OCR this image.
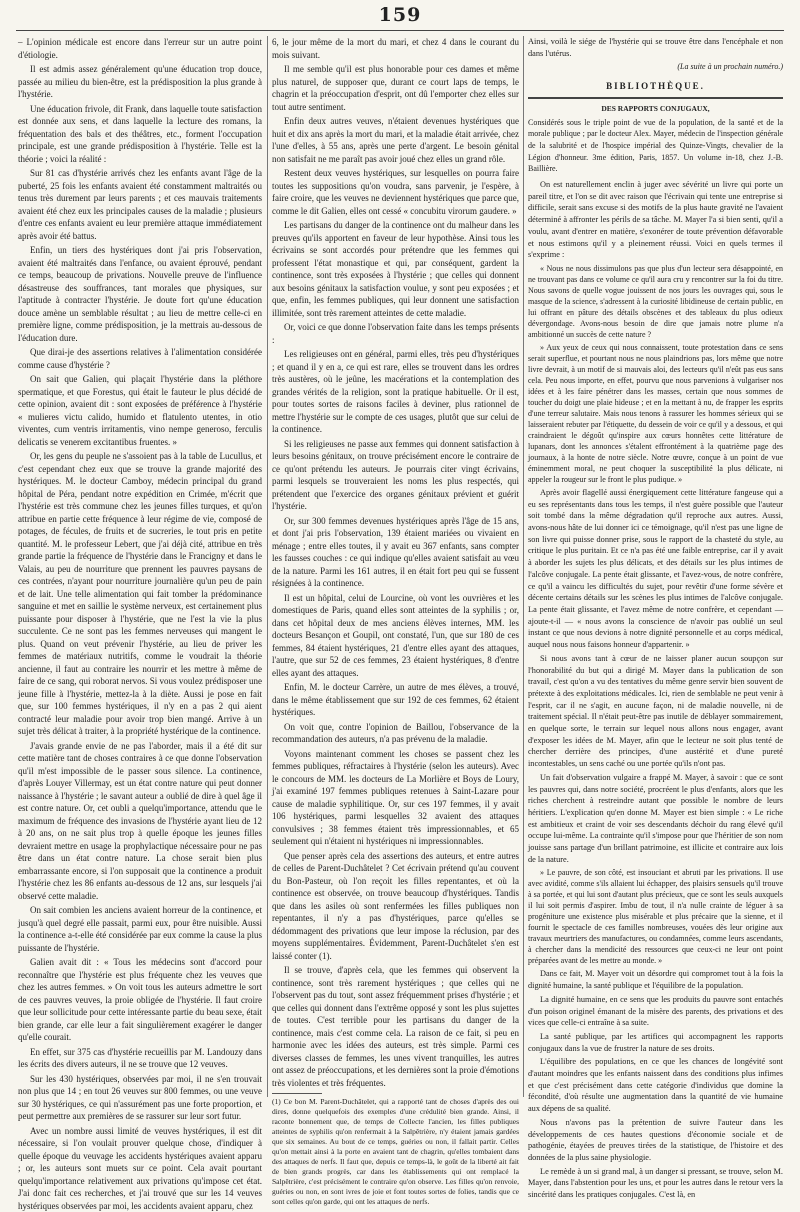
159

– L'opinion médicale est encore dans l'erreur sur un autre point d'étiologie.

Il est admis assez généralement qu'une éducation trop douce, passée au milieu du bien-être, est la prédisposition la plus grande à l'hystérie.

Une éducation frivole, dit Frank, dans laquelle toute satisfaction est donnée aux sens, et dans laquelle la lecture des romans, la fréquentation des bals et des théâtres, etc., forment l'occupation principale, est une grande prédisposition à l'hystérie. Telle est la théorie ; voici la réalité :

Sur 81 cas d'hystérie arrivés chez les enfants avant l'âge de la puberté, 25 fois les enfants avaient été constamment maltraités ou tenus très durement par leurs parents ; et ces mauvais traitements avaient été chez eux les principales causes de la maladie ; plusieurs d'entre ces enfants avaient eu leur première attaque immédiatement après avoir été battus.

Enfin, un tiers des hystériques dont j'ai pris l'observation, avaient été maltraités dans l'enfance, ou avaient éprouvé, pendant ce temps, beaucoup de privations. Nouvelle preuve de l'influence désastreuse des souffrances, tant morales que physiques, sur l'aptitude à contracter l'hystérie. Je doute fort qu'une éducation douce amène un semblable résultat ; au lieu de mettre celle-ci en première ligne, comme prédisposition, je la mettrais au-dessous de l'éducation dure.

Que dirai-je des assertions relatives à l'alimentation considérée comme cause d'hystérie ?

On sait que Galien, qui plaçait l'hystérie dans la pléthore spermatique, et que Forestus, qui était le fauteur le plus décidé de cette opinion, avaient dit : sont exposées de préférence à l'hystérie « mulieres victu calido, humido et flatulento utentes, in otio viventes, cum ventris irritamentis, vino nempe generoso, ferculis delicatis se venerem excitantibus fruentes. »

Or, les gens du peuple ne s'assoient pas à la table de Lucullus, et c'est cependant chez eux que se trouve la grande majorité des hystériques. M. le docteur Camboy, médecin principal du grand hôpital de Péra, pendant notre expédition en Crimée, m'écrit que l'hystérie est très commune chez les jeunes filles turques, et qu'on attribue en partie cette fréquence à leur régime de vie, composé de potages, de fécules, de fruits et de sucreries, le tout pris en petite quantité. M. le professeur Lebert, que j'ai déjà cité, attribue en très grande partie la fréquence de l'hystérie dans le Francigny et dans le Valais, au peu de nourriture que prennent les pauvres paysans de ces contrées, n'ayant pour nourriture journalière qu'un peu de pain et de lait. Une telle alimentation qui fait tomber la prédominance sanguine et met en saillie le système nerveux, est certainement plus puissante pour disposer à l'hystérie, que ne l'est la vie la plus succulente. Ce ne sont pas les femmes nerveuses qui mangent le plus. Quand on veut prévenir l'hystérie, au lieu de priver les femmes de matériaux nutritifs, comme le voudrait la théorie ancienne, il faut au contraire les nourrir et les mettre à même de faire de ce sang, qui roborat nervos. Si vous voulez prédisposer une jeune fille à l'hystérie, mettez-la à la diète. Aussi je pose en fait que, sur 100 femmes hystériques, il n'y en a pas 2 qui aient contracté leur maladie pour avoir trop bien mangé. Arrive à un sujet très délicat à traiter, à la propriété hystérique de la continence.

J'avais grande envie de ne pas l'aborder, mais il a été dit sur cette matière tant de choses contraires à ce que donne l'observation qu'il m'est impossible de le passer sous silence. La continence, d'après Louyer Villermay, est un état contre nature qui peut donner naissance à l'hystérie ; le savant auteur a oublié de dire à quel âge il est contre nature. Or, cet oubli a quelqu'importance, attendu que le maximum de fréquence des invasions de l'hystérie ayant lieu de 12 à 20 ans, on ne sait plus trop à quelle époque les jeunes filles devraient mettre en usage la prophylactique nécessaire pour ne pas être dans un état contre nature. La chose serait bien plus embarrassante encore, si l'on supposait que la continence a produit l'hystérie chez les 86 enfants au-dessous de 12 ans, sur lesquels j'ai observé cette maladie.

On sait combien les anciens avaient horreur de la continence, et jusqu'à quel degré elle passait, parmi eux, pour être nuisible. Aussi la continence a-t-elle été considérée par eux comme la cause la plus puissante de l'hystérie.

Galien avait dit : « Tous les médecins sont d'accord pour reconnaître que l'hystérie est plus fréquente chez les veuves que chez les autres femmes. » On voit tous les auteurs admettre le sort de ces pauvres veuves, la proie obligée de l'hystérie. Il faut croire que leur sollicitude pour cette intéressante partie du beau sexe, était bien grande, car elle leur a fait singulièrement exagérer le danger qu'elle courait.

En effet, sur 375 cas d'hystérie recueillis par M. Landouzy dans les écrits des divers auteurs, il ne se trouve que 12 veuves.

Sur les 430 hystériques, observées par moi, il ne s'en trouvait non plus que 14 ; en tout 26 veuves sur 800 femmes, ou une veuve sur 30 hystériques, ce qui n'assurément pas une forte proportion, et peut permettre aux premières de se rassurer sur leur sort futur.

Avec un nombre aussi limité de veuves hystériques, il est dit nécessaire, si l'on voulait prouver quelque chose, d'indiquer à quelle époque du veuvage les accidents hystériques avaient apparu ; or, les auteurs sont muets sur ce point. Cela avait pourtant quelqu'importance relativement aux privations qu'impose cet état. J'ai donc fait ces recherches, et j'ai trouvé que sur les 14 veuves hystériques observées par moi, les accidents avaient apparu, chez

6, le jour même de la mort du mari, et chez 4 dans le courant du mois suivant.

Il me semble qu'il est plus honorable pour ces dames et même plus naturel, de supposer que, durant ce court laps de temps, le chagrin et la préoccupation d'esprit, ont dû l'emporter chez elles sur tout autre sentiment.

Enfin deux autres veuves, n'étaient devenues hystériques que huit et dix ans après la mort du mari, et la maladie était arrivée, chez l'une d'elles, à 55 ans, après une perte d'argent. Le besoin génital non satisfait ne me paraît pas avoir joué chez elles un grand rôle.

Restent deux veuves hystériques, sur lesquelles on pourra faire toutes les suppositions qu'on voudra, sans parvenir, je l'espère, à faire croire, que les veuves ne deviennent hystériques que parce que, comme le dit Galien, elles ont cessé « concubitu virorum gaudere. »

Les partisans du danger de la continence ont du malheur dans les preuves qu'ils apportent en faveur de leur hypothèse. Ainsi tous les écrivains se sont accordés pour prétendre que les femmes qui professent l'état monastique et qui, par conséquent, gardent la continence, sont très exposées à l'hystérie ; que celles qui donnent aux besoins génitaux la satisfaction voulue, y sont peu exposées ; et que, enfin, les femmes publiques, qui leur donnent une satisfaction illimitée, sont très rarement atteintes de cette maladie.

Or, voici ce que donne l'observation faite dans les temps présents :

Les religieuses ont en général, parmi elles, très peu d'hystériques ; et quand il y en a, ce qui est rare, elles se trouvent dans les ordres très austères, où le jeûne, les macérations et la contemplation des grandes vérités de la religion, sont la pratique habituelle. Or il est, pour toutes sortes de raisons faciles à deviner, plus rationnel de mettre l'hystérie sur le compte de ces usages, plutôt que sur celui de la continence.

Si les religieuses ne passe aux femmes qui donnent satisfaction à leurs besoins génitaux, on trouve précisément encore le contraire de ce qu'ont prétendu les auteurs. Je pourrais citer vingt écrivains, parmi lesquels se trouveraient les noms les plus respectés, qui prétendent que l'exercice des organes génitaux prévient et guérit l'hystérie.

Or, sur 300 femmes devenues hystériques après l'âge de 15 ans, et dont j'ai pris l'observation, 139 étaient mariées ou vivaient en ménage ; entre elles toutes, il y avait eu 367 enfants, sans compter les fausses couches : ce qui indique qu'elles avaient satisfait au vœu de la nature. Parmi les 161 autres, il en était fort peu qui se fussent résignées à la continence.

Il est un hôpital, celui de Lourcine, où vont les ouvrières et les domestiques de Paris, quand elles sont atteintes de la syphilis ; or, dans cet hôpital deux de mes anciens élèves internes, MM. les docteurs Besançon et Goupil, ont constaté, l'un, que sur 180 de ces femmes, 84 étaient hystériques, 21 d'entre elles ayant des attaques, l'autre, que sur 52 de ces femmes, 23 étaient hystériques, 8 d'entre elles ayant des attaques.

Enfin, M. le docteur Carrère, un autre de mes élèves, a trouvé, dans le même établissement que sur 192 de ces femmes, 62 étaient hystériques.

On voit que, contre l'opinion de Baillou, l'observance de la recommandation des auteurs, n'a pas prévenu de la maladie.

Voyons maintenant comment les choses se passent chez les femmes publiques, réfractaires à l'hystérie (selon les auteurs). Avec le concours de MM. les docteurs de La Morlière et Boys de Loury, j'ai examiné 197 femmes publiques retenues à Saint-Lazare pour cause de maladie syphilitique. Or, sur ces 197 femmes, il y avait 106 hystériques, parmi lesquelles 32 avaient des attaques convulsives ; 38 femmes étaient très impressionnables, et 65 seulement qui n'étaient ni hystériques ni impressionnables.

Que penser après cela des assertions des auteurs, et entre autres de celles de Parent-Duchâtelet ? Cet écrivain prétend qu'au couvent du Bon-Pasteur, où l'on reçoit les filles repentantes, et où la continence est observée, on trouve beaucoup d'hystériques. Tandis que dans les asiles où sont renfermées les filles publiques non repentantes, il n'y a pas d'hystériques, parce qu'elles se dédommagent des privations que leur impose la réclusion, par des moyens supplémentaires. Évidemment, Parent-Duchâtelet s'en est laissé conter (1).

Il se trouve, d'après cela, que les femmes qui observent la continence, sont très rarement hystériques ; que celles qui ne l'observent pas du tout, sont assez fréquemment prises d'hystérie ; et que celles qui donnent dans l'extrême opposé y sont les plus sujettes de toutes. C'est terrible pour les partisans du danger de la continence, mais c'est comme cela. La raison de ce fait, si peu en harmonie avec les idées des auteurs, est très simple. Parmi ces diverses classes de femmes, les unes vivent tranquilles, les autres ont assez de préoccupations, et les dernières sont la proie d'émotions très violentes et très fréquentes.

(1) Ce bon M. Parent-Duchâtelet, qui a rapporté tant de choses d'après des oui dires, donne quelquefois des exemples d'une crédulité bien grande. Ainsi, il raconte bonnement que, de temps de Collecte l'ancien, les filles publiques atteintes de syphilis qu'on renfermait à la Salpêtrière, n'y étaient jamais gardées que six semaines. Au bout de ce temps, guéries ou non, il fallait partir. Celles qu'on mettait ainsi à la porte en avaient tant de chagrin, qu'elles tombaient dans des attaques de nerfs. Il faut que, depuis ce temps-là, le goût de la liberté ait fait de bien grands progrès, car dans les établissements qui ont remplacé la Salpêtrière, c'est précisément le contraire qu'on observe. Les filles qu'on renvoie, guéries ou non, en sont ivres de joie et font toutes sortes de folies, tandis que ce sont celles qu'on garde, qui ont les attaques de nerfs.

Ainsi, voilà le siége de l'hystérie qui se trouve être dans l'encéphale et non dans l'utérus.

(La suite à un prochain numéro.)

BIBLIOTHÈQUE.
DES RAPPORTS CONJUGAUX,

Considérés sous le triple point de vue de la population, de la santé et de la morale publique ; par le docteur Alex. Mayer, médecin de l'inspection générale de la salubrité et de l'hospice impérial des Quinze-Vingts, chevalier de la Légion d'honneur. 3me édition, Paris, 1857. Un volume in-18, chez J.-B. Baillière.

On est naturellement enclin à juger avec sévérité un livre qui porte un pareil titre, et l'on se dit avec raison que l'écrivain qui tente une entreprise si difficile, serait sans excuse si des motifs de la plus haute gravité ne l'avaient déterminé à affronter les périls de sa tâche. M. Mayer l'a si bien senti, qu'il a voulu, avant d'entrer en matière, s'exonérer de toute prévention défavorable et nous estimons qu'il y a pleinement réussi. Voici en quels termes il s'exprime :

« Nous ne nous dissimulons pas que plus d'un lecteur sera désappointé, en ne trouvant pas dans ce volume ce qu'il aura cru y rencontrer sur la foi du titre. Nous savons de quelle vogue jouissent de nos jours les ouvrages qui, sous le masque de la science, s'adressent à la curiosité libidineuse de certain public, en lui offrant en pâture des détails obscènes et des tableaux du plus odieux dévergondage. Avons-nous besoin de dire que jamais notre plume n'a ambitionné un succès de cette nature ?

» Aux yeux de ceux qui nous connaissent, toute protestation dans ce sens serait superflue, et pourtant nous ne nous plaindrions pas, lors même que notre livre devrait, à un motif de si mauvais aloi, des lecteurs qu'il n'eût pas eus sans cela. Peu nous importe, en effet, pourvu que nous parvenions à vulgariser nos idées et à les faire pénétrer dans les masses, certain que nous sommes de toucher du doigt une plaie hideuse ; et en la mettant à nu, de frapper les esprits d'une terreur salutaire. Mais nous tenons à rassurer les hommes sérieux qui se laisseraient rebuter par l'étiquette, du dessein de voir ce qu'il y a dessous, et qui craindraient le dégoût qu'inspire aux cœurs honnêtes cette littérature de lupanars, dont les annonces s'étalent effrontément à la quatrième page des journaux, à la honte de notre siècle. Notre œuvre, conçue à un point de vue éminemment moral, ne peut choquer la susceptibilité la plus délicate, ni appeler la rougeur sur le front le plus pudique. »

Après avoir flagellé aussi énergiquement cette littérature fangeuse qui a eu ses représentants dans tous les temps, il n'est guère possible que l'auteur soit tombé dans la même dégradation qu'il reproche aux autres. Aussi, avons-nous hâte de lui donner ici ce témoignage, qu'il n'est pas une ligne de son livre qui puisse donner prise, sous le rapport de la chasteté du style, au critique le plus puritain. Et ce n'a pas été une faible entreprise, car il y avait à aborder les sujets les plus délicats, et des détails sur les plus intimes de l'alcôve conjugale. La pente était glissante, et l'avez-vous, de notre confrère, ce qu'il a vaincu les difficultés du sujet, pour revêtir d'une forme sévère et décente certains détails sur les scènes les plus intimes de l'alcôve conjugale. La pente était glissante, et l'avez même de notre confrère, et cependant — ajoute-t-il — « nous avons la conscience de n'avoir pas oublié un seul instant ce que nous devions à notre dignité personnelle et au corps médical, auquel nous nous faisons honneur d'appartenir. »

Si nous avons tant à cœur de ne laisser planer aucun soupçon sur l'honorabilité du but qui a dirigé M. Mayer dans la publication de son travail, c'est qu'on a vu des tentatives du même genre servir bien souvent de prétexte à des exploitations médicales. Ici, rien de semblable ne peut venir à l'esprit, car il ne s'agit, en aucune façon, ni de maladie nouvelle, ni de traitement spécial. Il n'était peut-être pas inutile de déblayer sommairement, en quelque sorte, le terrain sur lequel nous allons nous engager, avant d'exposer les idées de M. Mayer, afin que le lecteur ne soit plus tenté de chercher derrière des principes, d'une austérité et d'une pureté incontestables, un sens caché ou une portée qu'ils n'ont pas.

Un fait d'observation vulgaire a frappé M. Mayer, à savoir : que ce sont les pauvres qui, dans notre société, procréent le plus d'enfants, alors que les riches cherchent à restreindre autant que possible le nombre de leurs héritiers. L'explication qu'en donne M. Mayer est bien simple : « Le riche est ambitieux et craint de voir ses descendants déchoir du rang élevé qu'il occupe lui-même. La contrainte qu'il s'impose pour que l'héritier de son nom jouisse sans partage d'un brillant patrimoine, est illicite et contraire aux lois de la nature.

» Le pauvre, de son côté, est insouciant et abruti par les privations. Il use avec avidité, comme s'ils allaient lui échapper, des plaisirs sensuels qu'il trouve à sa portée, et qui lui sont d'autant plus précieux, que ce sont les seuls auxquels il lui soit permis d'aspirer. Imbu de tout, il n'a nulle crainte de léguer à sa progéniture une existence plus misérable et plus précaire que la sienne, et il fournit le spectacle de ces familles nombreuses, vouées dès leur origine aux travaux meurtriers des manufactures, ou condamnées, comme leurs ascendants, à chercher dans la mendicité des ressources que ceux-ci ne leur ont point préparées avant de les mettre au monde. »

Dans ce fait, M. Mayer voit un désordre qui compromet tout à la fois la dignité humaine, la santé publique et l'équilibre de la population.

La dignité humaine, en ce sens que les produits du pauvre sont entachés d'un poison originel émanant de la misère des parents, des privations et des vices que celle-ci entraîne à sa suite.

La santé publique, par les artifices qui accompagnent les rapports conjugaux dans la vue de frustrer la nature de ses droits.

L'équilibre des populations, en ce que les chances de longévité sont d'autant moindres que les enfants naissent dans des conditions plus infimes et que c'est précisément dans cette catégorie d'individus que domine la fécondité, d'où résulte une augmentation dans la quantité de vie humaine aux dépens de sa qualité.

Nous n'avons pas la prétention de suivre l'auteur dans les développements de ces hautes questions d'économie sociale et de pathogénie, étayées de preuves tirées de la statistique, de l'histoire et des données de la plus saine physiologie.

Le remède à un si grand mal, à un danger si pressant, se trouve, selon M. Mayer, dans l'abstention pour les uns, et pour les autres dans le retour vers la sincérité dans les pratiques conjugales. C'est là, en
